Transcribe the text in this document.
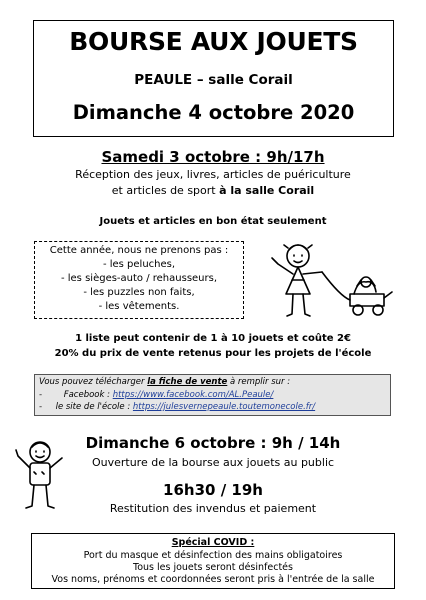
BOURSE AUX JOUETS
PEAULE – salle Corail
Dimanche 4 octobre 2020
Samedi 3 octobre : 9h/17h
Réception des jeux, livres, articles de puériculture
et articles de sport à la salle Corail
Jouets et articles en bon état seulement
Cette année, nous ne prenons pas :
- les peluches,
- les sièges-auto / rehausseurs,
- les puzzles non faits,
- les vêtements.
1 liste peut contenir de 1 à 10 jouets et coûte 2€
20% du prix de vente retenus pour les projets de l'école
Vous pouvez télécharger la fiche de vente à remplir sur :
-        Facebook : https://www.facebook.com/AL.Peaule/
-     le site de l'école : https://julesvernepeaule.toutemonecole.fr/
Dimanche 6 octobre : 9h / 14h
Ouverture de la bourse aux jouets au public
16h30 / 19h
Restitution des invendus et paiement
Spécial COVID :
Port du masque et désinfection des mains obligatoires
Tous les jouets seront désinfectés
Vos noms, prénoms et coordonnées seront pris à l'entrée de la salle
